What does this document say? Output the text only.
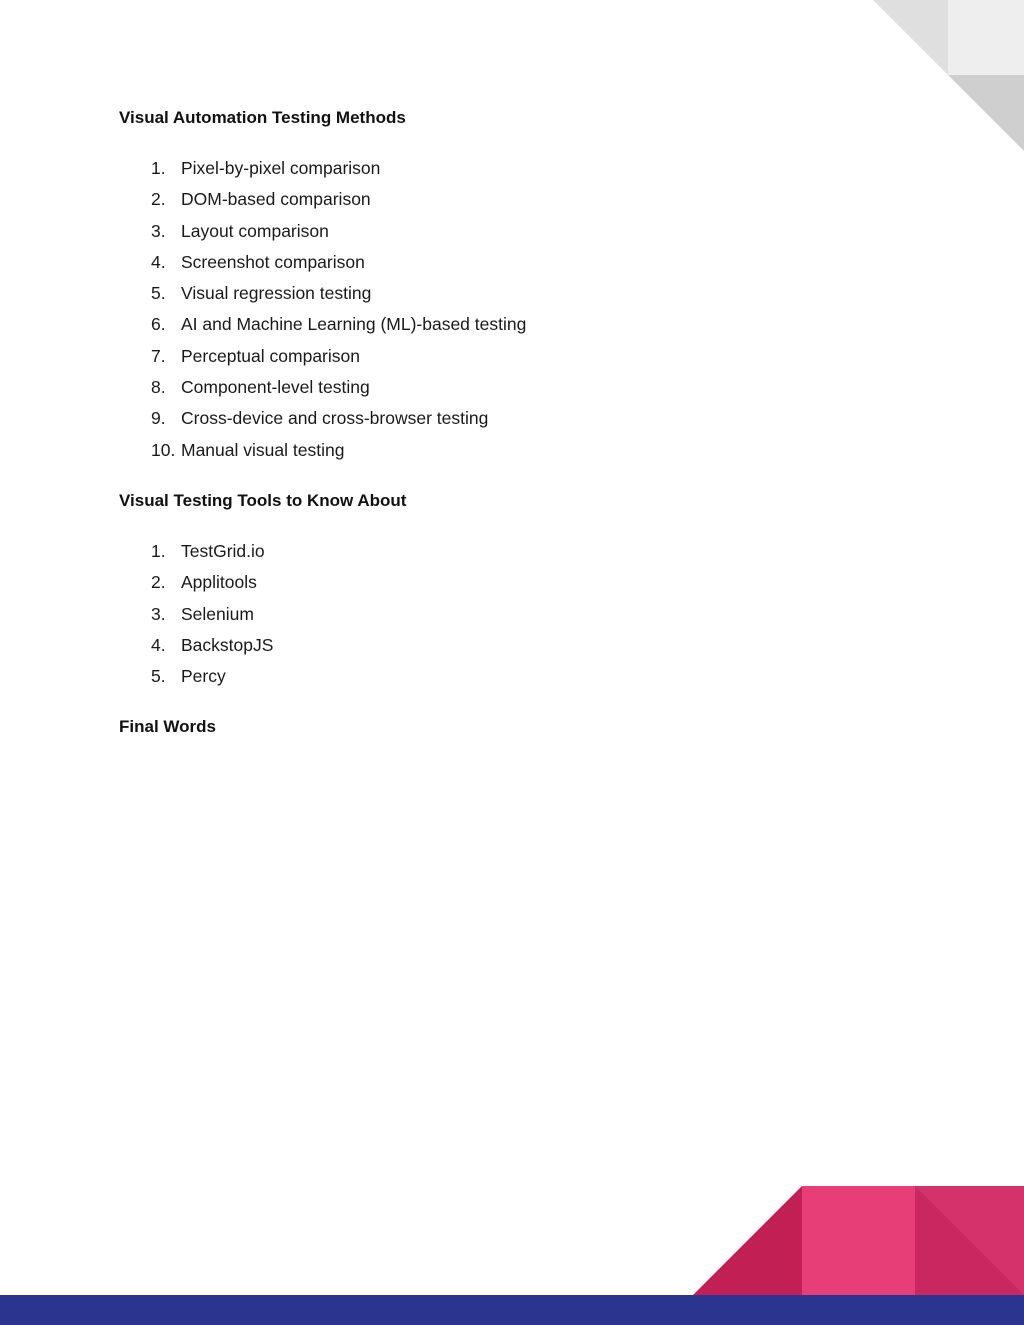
Visual Automation Testing Methods
1. Pixel-by-pixel comparison
2. DOM-based comparison
3. Layout comparison
4. Screenshot comparison
5. Visual regression testing
6. AI and Machine Learning (ML)-based testing
7. Perceptual comparison
8. Component-level testing
9. Cross-device and cross-browser testing
10. Manual visual testing
Visual Testing Tools to Know About
1. TestGrid.io
2. Applitools
3. Selenium
4. BackstopJS
5. Percy
Final Words
